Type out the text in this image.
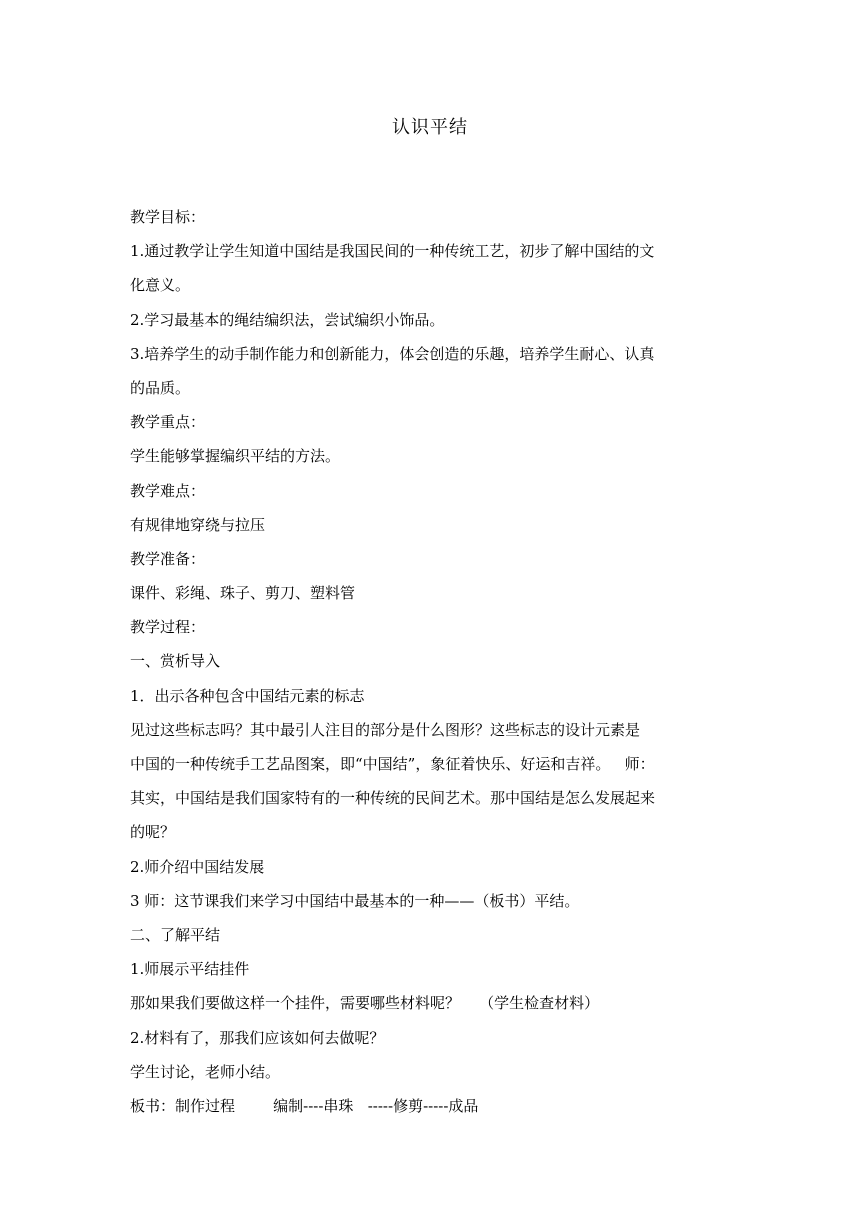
认识平结
教学目标：
1.通过教学让学生知道中国结是我国民间的一种传统工艺，初步了解中国结的文
化意义。
2.学习最基本的绳结编织法，尝试编织小饰品。
3.培养学生的动手制作能力和创新能力，体会创造的乐趣，培养学生耐心、认真
的品质。
教学重点：
学生能够掌握编织平结的方法。
教学难点：
有规律地穿绕与拉压
教学准备：
课件、彩绳、珠子、剪刀、塑料管
教学过程：
一、赏析导入
1．出示各种包含中国结元素的标志
见过这些标志吗？其中最引人注目的部分是什么图形？这些标志的设计元素是
中国的一种传统手工艺品图案，即“中国结”，象征着快乐、好运和吉祥。   师：
其实，中国结是我们国家特有的一种传统的民间艺术。那中国结是怎么发展起来
的呢？
2.师介绍中国结发展
3 师：这节课我们来学习中国结中最基本的一种——（板书）平结。
二、了解平结
1.师展示平结挂件
那如果我们要做这样一个挂件，需要哪些材料呢？    （学生检查材料）
2.材料有了，那我们应该如何去做呢？
学生讨论，老师小结。
板书：制作过程        编制----串珠   -----修剪-----成品
